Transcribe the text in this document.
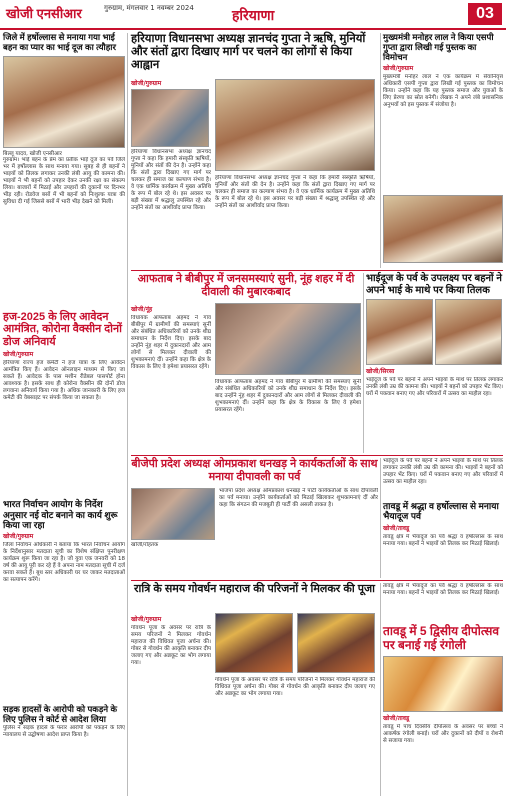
खोजी एनसीआर	गुरुग्राम, मंगलवार 1 नवम्बर 2024	हरियाणा	03
जिले में हर्षोल्लास से मनाया गया भाई बहन का प्यार का भाई दूज का त्यौहार
बिल्लू यादव, खोजी एनसीआर
गुरुग्राम। भाई बहन के प्रेम का प्रतीक भाई दूज का पर्व जिले भर में हर्षोल्लास के साथ मनाया गया। सुबह से ही बहनों ने भाइयों को तिलक लगाकर उनकी लंबी आयु की कामना की। भाइयों ने भी बहनों को उपहार देकर उनकी रक्षा का संकल्प लिया। बाजारों में मिठाई और उपहारों की दुकानों पर दिनभर भीड़ रही। रोडवेज बसों में भी बहनों को निःशुल्क यात्रा की सुविधा दी गई जिससे बसों में भारी भीड़ देखने को मिली।
हज-2025 के लिए आवेदन आमंत्रित, कोरोना वैक्सीन दोनों डोज अनिवार्य
खोजी/गुरुग्राम
हरियाणा राज्य हज कमेटी ने हज यात्रा के लिए आवेदन आमंत्रित किए हैं। आवेदन ऑनलाइन माध्यम से किए जा सकते हैं। आवेदक के पास मशीन रीडेबल पासपोर्ट होना आवश्यक है। इसके साथ ही कोरोना वैक्सीन की दोनों डोज लगवाना अनिवार्य किया गया है। अधिक जानकारी के लिए हज कमेटी की वेबसाइट पर संपर्क किया जा सकता है।
भारत निर्वाचन आयोग के निर्देश अनुसार नई वोट बनाने का कार्य शुरू किया जा रहा
खोजी/गुरुग्राम
जिला निर्वाचन अधिकारी ने बताया कि भारत निर्वाचन आयोग के निर्देशानुसार मतदाता सूची का विशेष संक्षिप्त पुनरीक्षण कार्यक्रम शुरू किया जा रहा है। जो युवा एक जनवरी को 18 वर्ष की आयु पूरी कर रहे हैं वे अपना नाम मतदाता सूची में दर्ज करवा सकते हैं। बूथ स्तर अधिकारी घर घर जाकर मतदाताओं का सत्यापन करेंगे।
सड़क हादसों के आरोपी को पकड़ने के लिए पुलिस ने कोर्ट से आदेश लिया
पुलिस ने सड़क हादसे के फरार आरोपी को पकड़ने के लिए न्यायालय से उद्घोषणा आदेश प्राप्त किया है।
हरियाणा विधानसभा अध्यक्ष ज्ञानचंद गुप्ता ने ऋषि, मुनियों और संतों द्वारा दिखाए मार्ग पर चलने का लोगों से किया आह्वान
खोजी/गुरुग्राम
हरियाणा विधानसभा अध्यक्ष ज्ञानचंद गुप्ता ने कहा कि हमारी संस्कृति ऋषियों, मुनियों और संतों की देन है। उन्होंने कहा कि संतों द्वारा दिखाए गए मार्ग पर चलकर ही समाज का कल्याण संभव है। वे एक धार्मिक कार्यक्रम में मुख्य अतिथि के रूप में बोल रहे थे। इस अवसर पर बड़ी संख्या में श्रद्धालु उपस्थित रहे और उन्होंने संतों का आशीर्वाद प्राप्त किया।
हरियाणा विधानसभा अध्यक्ष ज्ञानचंद गुप्ता ने कहा कि हमारी संस्कृति ऋषियों, मुनियों और संतों की देन है। उन्होंने कहा कि संतों द्वारा दिखाए गए मार्ग पर चलकर ही समाज का कल्याण संभव है। वे एक धार्मिक कार्यक्रम में मुख्य अतिथि के रूप में बोल रहे थे। इस अवसर पर बड़ी संख्या में श्रद्धालु उपस्थित रहे और उन्होंने संतों का आशीर्वाद प्राप्त किया।
मुख्यमंत्री मनोहर लाल ने किया एसपी गुप्ता द्वारा लिखी गई पुस्तक का विमोचन
खोजी/गुरुग्राम
मुख्यमंत्री मनोहर लाल ने एक कार्यक्रम में सेवानिवृत्त अधिकारी एसपी गुप्ता द्वारा लिखी गई पुस्तक का विमोचन किया। उन्होंने कहा कि यह पुस्तक समाज और युवाओं के लिए प्रेरणा का स्रोत बनेगी। लेखक ने अपने लंबे प्रशासनिक अनुभवों को इस पुस्तक में संजोया है।
आफताब ने बीबीपुर में जनसमस्याएं सुनी, नूंह शहर में दी दीवाली की मुबारकबाद
खोजी/नूंह
विधायक आफताब अहमद ने गांव बीबीपुर में ग्रामीणों की समस्याएं सुनीं और संबंधित अधिकारियों को उनके शीघ्र समाधान के निर्देश दिए। इसके बाद उन्होंने नूंह शहर में दुकानदारों और आम लोगों से मिलकर दीवाली की शुभकामनाएं दीं। उन्होंने कहा कि क्षेत्र के विकास के लिए वे हमेशा प्रयासरत रहेंगे।
विधायक आफताब अहमद ने गांव बीबीपुर में ग्रामीणों की समस्याएं सुनीं और संबंधित अधिकारियों को उनके शीघ्र समाधान के निर्देश दिए। इसके बाद उन्होंने नूंह शहर में दुकानदारों और आम लोगों से मिलकर दीवाली की शुभकामनाएं दीं। उन्होंने कहा कि क्षेत्र के विकास के लिए वे हमेशा प्रयासरत रहेंगे।
भाईदूज के पर्व के उपलक्ष्य पर बहनों ने अपने भाई के माथे पर किया तिलक
खोजी/सिरसा
भाईदूज के पर्व पर बहनों ने अपने भाइयों के माथे पर तिलक लगाकर उनकी लंबी उम्र की कामना की। भाइयों ने बहनों को उपहार भेंट किए। घरों में पकवान बनाए गए और परिवारों में उत्सव का माहौल रहा।
बीजेपी प्रदेश अध्यक्ष ओमप्रकाश धनखड़ ने कार्यकर्ताओं के साथ मनाया दीपावली का पर्व
खोजी/रोहतक
भाजपा प्रदेश अध्यक्ष ओमप्रकाश धनखड़ ने पार्टी कार्यकर्ताओं के साथ दीपावली का पर्व मनाया। उन्होंने कार्यकर्ताओं को मिठाई खिलाकर शुभकामनाएं दीं और कहा कि संगठन की मजबूती ही पार्टी की असली ताकत है।
भाईदूज के पर्व पर बहनों ने अपने भाइयों के माथे पर तिलक लगाकर उनकी लंबी उम्र की कामना की। भाइयों ने बहनों को उपहार भेंट किए। घरों में पकवान बनाए गए और परिवारों में उत्सव का माहौल रहा।
तावडू में श्रद्धा व हर्षोल्लास से मनाया भैयादूज पर्व
खोजी/तावडू
तावडू क्षेत्र में भैयादूज का पर्व श्रद्धा व हर्षोल्लास के साथ मनाया गया। बहनों ने भाइयों को तिलक कर मिठाई खिलाई।
रात्रि के समय गोवर्धन महाराज की परिजनों ने मिलकर की पूजा
खोजी/गुरुग्राम
गोवर्धन पूजा के अवसर पर रात्रि के समय परिजनों ने मिलकर गोवर्धन महाराज की विधिवत पूजा अर्चना की। गोबर से गोवर्धन की आकृति बनाकर दीप जलाए गए और अन्नकूट का भोग लगाया गया।
गोवर्धन पूजा के अवसर पर रात्रि के समय परिजनों ने मिलकर गोवर्धन महाराज की विधिवत पूजा अर्चना की। गोबर से गोवर्धन की आकृति बनाकर दीप जलाए गए और अन्नकूट का भोग लगाया गया।
तावडू क्षेत्र में भैयादूज का पर्व श्रद्धा व हर्षोल्लास के साथ मनाया गया। बहनों ने भाइयों को तिलक कर मिठाई खिलाई।
तावडू में 5 द्विसीय दीपोत्सव पर बनाई गई रंगोली
खोजी/तावडू
तावडू में पांच दिवसीय दीपोत्सव के अवसर पर बच्चों ने आकर्षक रंगोली बनाई। घरों और दुकानों को दीपों व रोशनी से सजाया गया।
